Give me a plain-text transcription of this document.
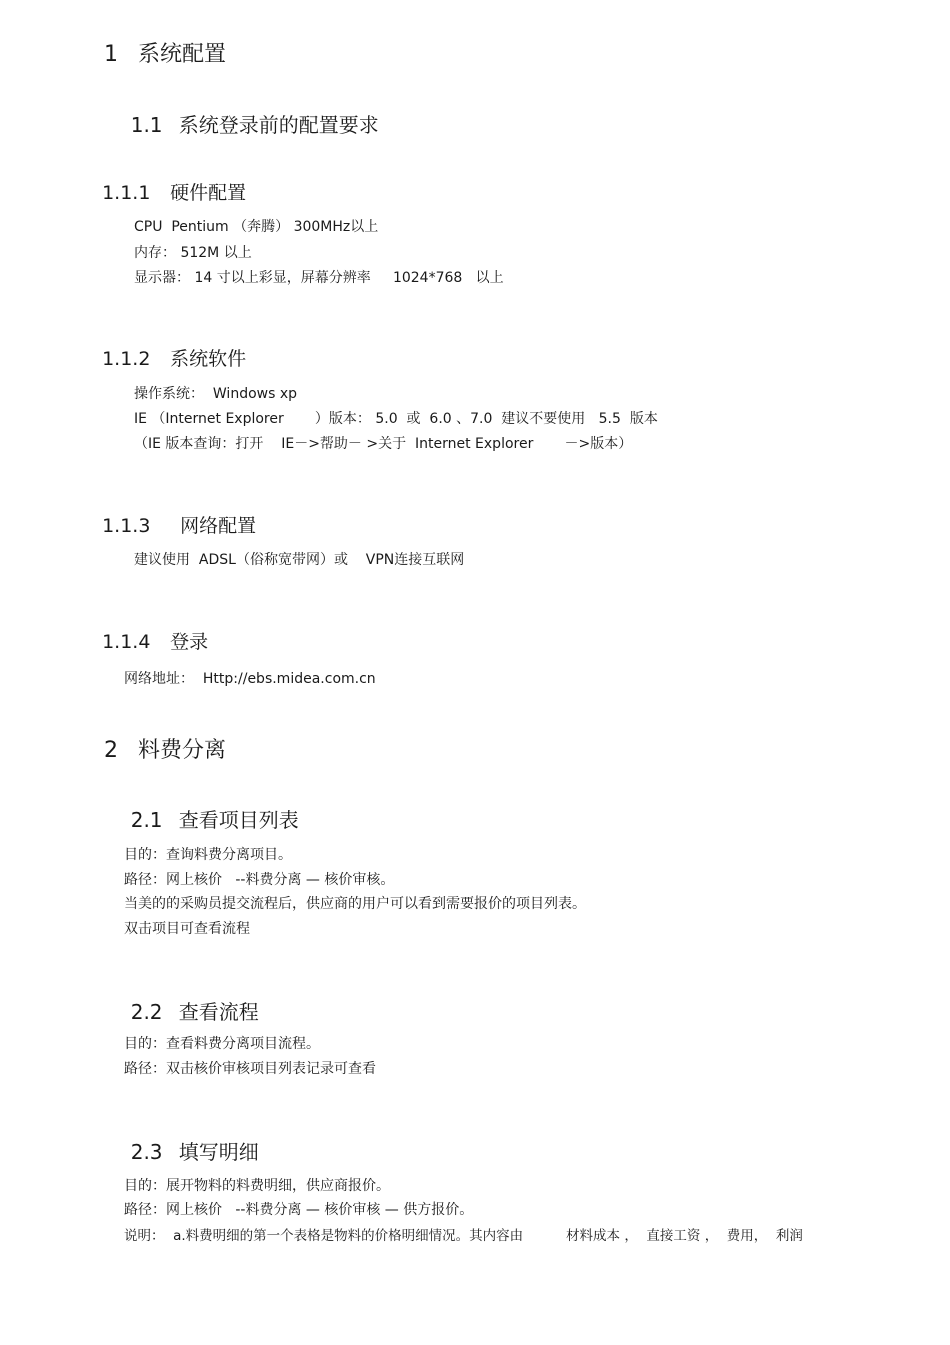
1 系统配置

1.1 系统登录前的配置要求

1.1.1 硬件配置

CPU  Pentium （奔腾） 300MHz以上
内存： 512M 以上
显示器： 14 寸以上彩显，屏幕分辨率     1024*768   以上

1.1.2 系统软件

操作系统：  Windows xp
IE （Internet Explorer       ）版本： 5.0  或  6.0 、7.0  建议不要使用   5.5  版本
（IE 版本查询：打开    IE－>帮助－ >关于  Internet Explorer       －>版本）

1.1.3 网络配置

建议使用  ADSL（俗称宽带网）或    VPN连接互联网

1.1.4 登录

网络地址：  Http://ebs.midea.com.cn

2 料费分离

2.1 查看项目列表

目的：查询料费分离项目。
路径：网上核价   --料费分离 — 核价审核。
当美的的采购员提交流程后，供应商的用户可以看到需要报价的项目列表。
双击项目可查看流程

2.2 查看流程

目的：查看料费分离项目流程。
路径：双击核价审核项目列表记录可查看

2.3 填写明细

目的：展开物料的料费明细，供应商报价。
路径：网上核价   --料费分离 — 核价审核 — 供方报价。
说明：  a.料费明细的第一个表格是物料的价格明细情况。其内容由          材料成本 ，  直接工资 ，  费用，  利润
